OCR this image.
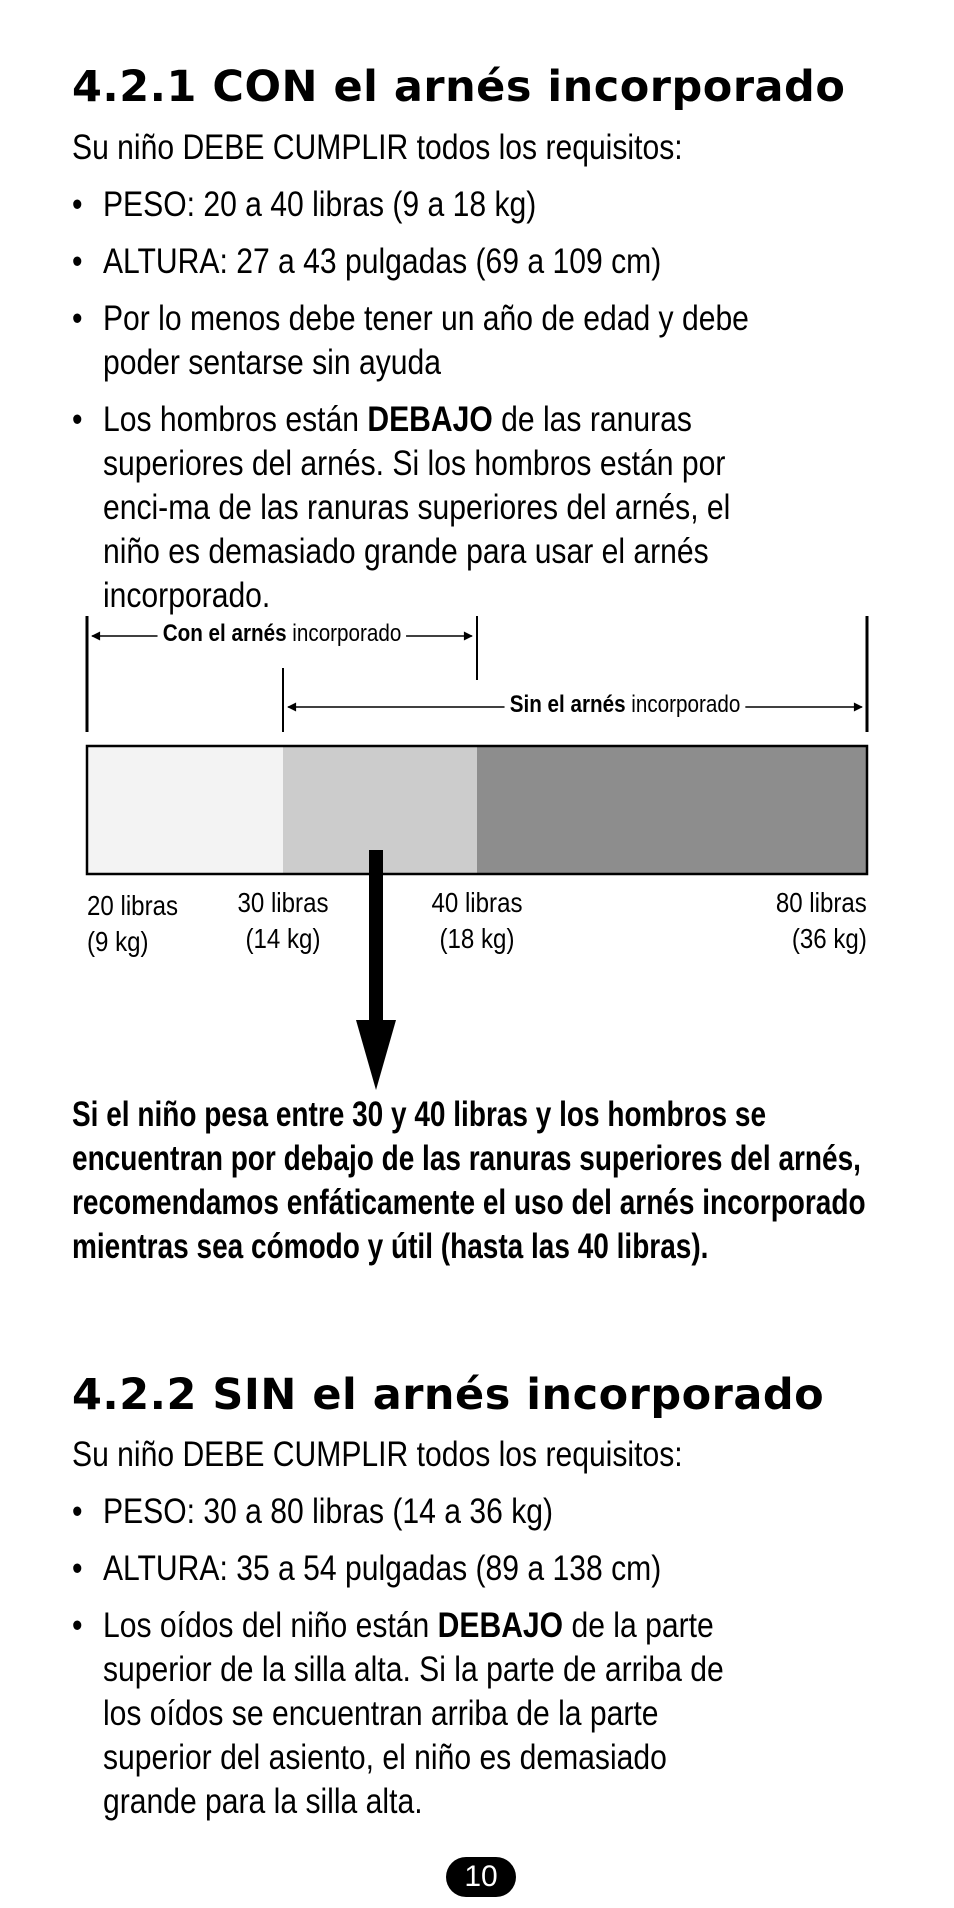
4.2.1 CON el arnés incorporado

Su niño DEBE CUMPLIR todos los requisitos:

• PESO: 20 a 40 libras (9 a 18 kg)
• ALTURA: 27 a 43 pulgadas (69 a 109 cm)
• Por lo menos debe tener un año de edad y debe poder sentarse sin ayuda
• Los hombros están DEBAJO de las ranuras superiores del arnés. Si los hombros están por enci-ma de las ranuras superiores del arnés, el niño es demasiado grande para usar el arnés incorporado.
20 libras
(9 kg)
30 libras
(14 kg)
40 libras
(18 kg)
80 libras
(36 kg)
Con el arnés incorporado
Sin el arnés incorporado

Si el niño pesa entre 30 y 40 libras y los hombros se encuentran por debajo de las ranuras superiores del arnés, recomendamos enfáticamente el uso del arnés incorporado mientras sea cómodo y útil (hasta las 40 libras).

4.2.2 SIN el arnés incorporado

Su niño DEBE CUMPLIR todos los requisitos:

• PESO: 30 a 80 libras (14 a 36 kg)
• ALTURA: 35 a 54 pulgadas (89 a 138 cm)
• Los oídos del niño están DEBAJO de la parte superior de la silla alta. Si la parte de arriba de los oídos se encuentran arriba de la parte superior del asiento, el niño es demasiado grande para la silla alta.
10
